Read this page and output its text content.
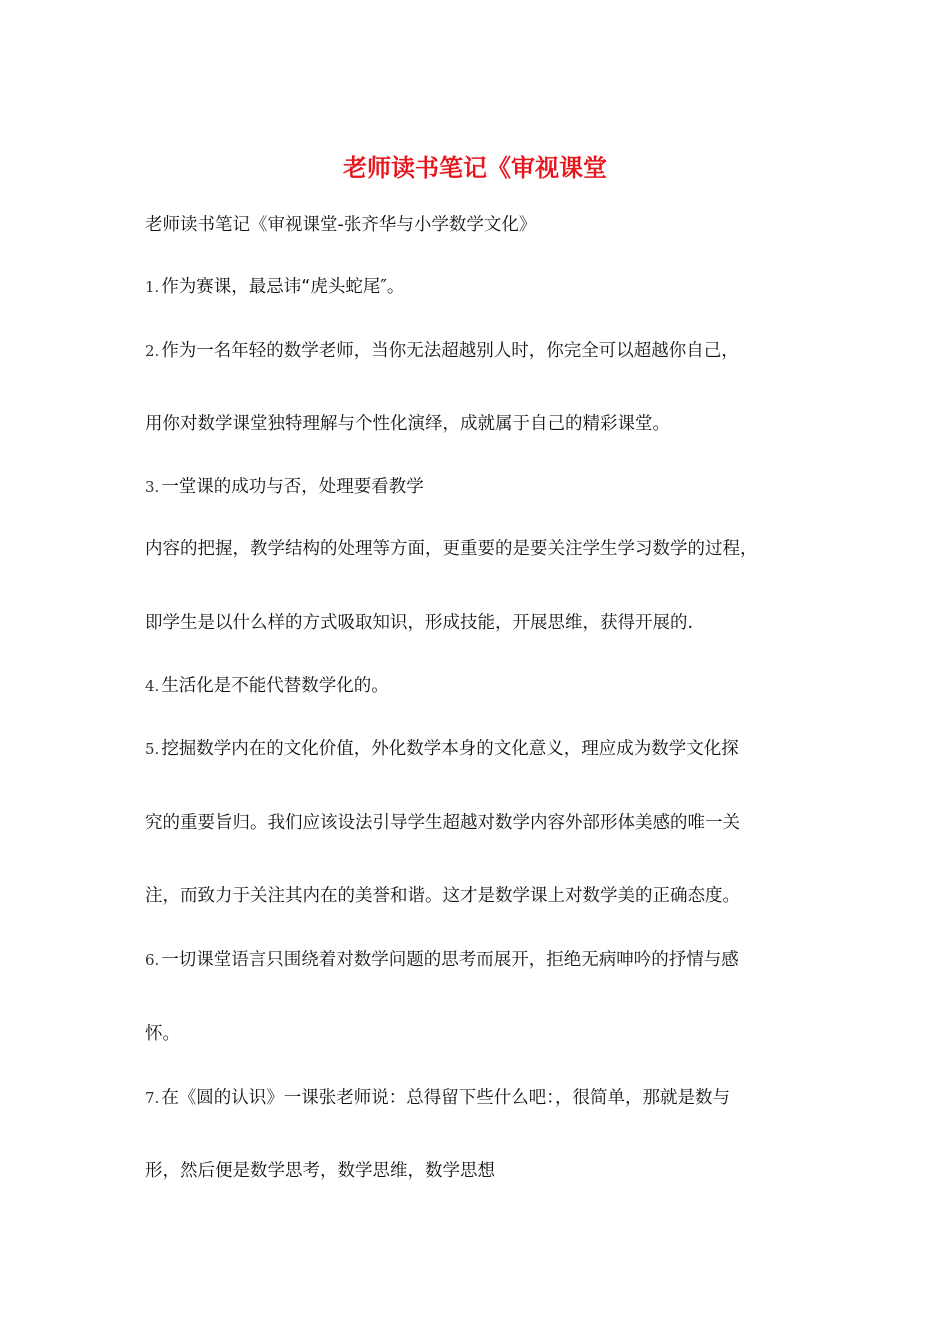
老师读书笔记《审视课堂
老师读书笔记《审视课堂-张齐华与小学数学文化》
1. 作为赛课，最忌讳“虎头蛇尾″。
2. 作为一名年轻的数学老师，当你无法超越别人时，你完全可以超越你自己，
用你对数学课堂独特理解与个性化演绎，成就属于自己的精彩课堂。
3. 一堂课的成功与否，处理要看教学
内容的把握，教学结构的处理等方面，更重要的是要关注学生学习数学的过程，
即学生是以什么样的方式吸取知识，形成技能，开展思维，获得开展的.
4. 生活化是不能代替数学化的。
5. 挖掘数学内在的文化价值，外化数学本身的文化意义，理应成为数学文化探
究的重要旨归。我们应该设法引导学生超越对数学内容外部形体美感的唯一关
注，而致力于关注其内在的美誉和谐。这才是数学课上对数学美的正确态度。
6. 一切课堂语言只围绕着对数学问题的思考而展开，拒绝无病呻吟的抒情与感
怀。
7. 在《圆的认识》一课张老师说：总得留下些什么吧：，很简单，那就是数与
形，然后便是数学思考，数学思维，数学思想
